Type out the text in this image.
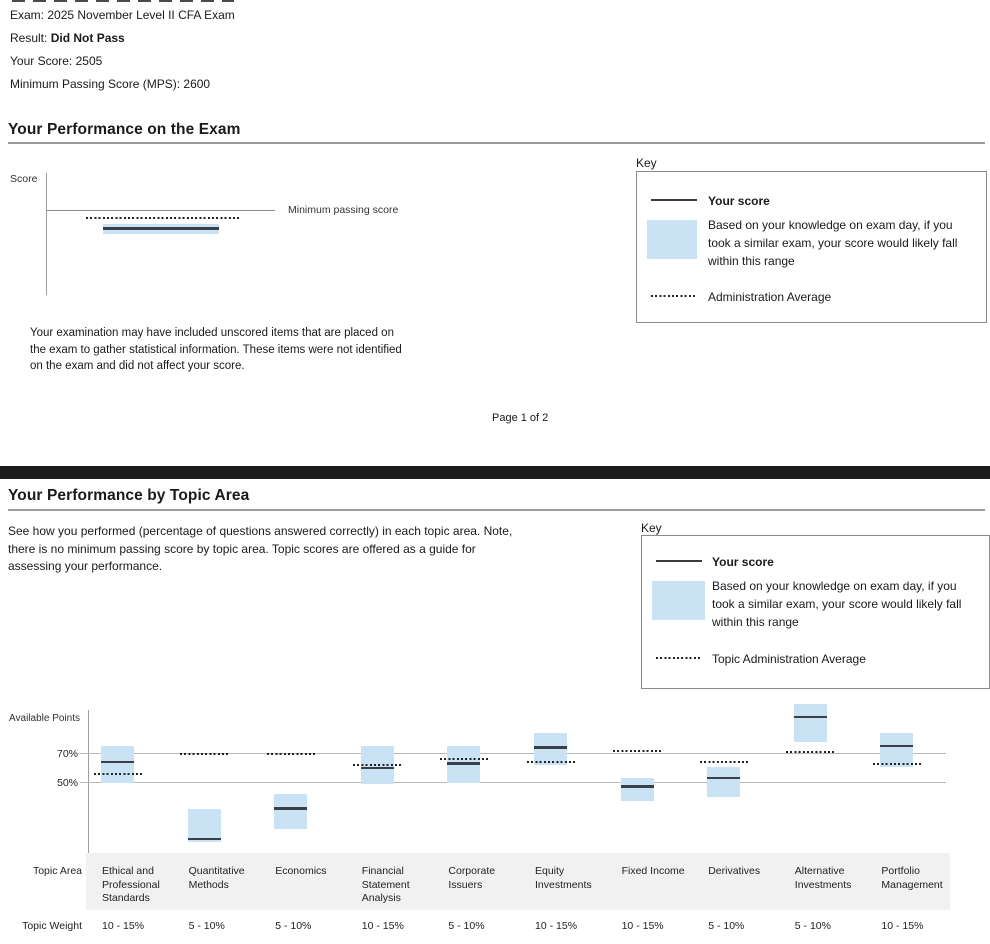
Exam: 2025 November Level II CFA Exam
Result: Did Not Pass
Your Score: 2505
Minimum Passing Score (MPS): 2600
Your Performance on the Exam
Score
Minimum passing score
Key
Your score
Based on your knowledge on exam day, if you took a similar exam, your score would likely fall within this range
Administration Average
Your examination may have included unscored items that are placed on the exam to gather statistical information. These items were not identified on the exam and did not affect your score.
Page 1 of 2
Your Performance by Topic Area
See how you performed (percentage of questions answered correctly) in each topic area. Note, there is no minimum passing score by topic area. Topic scores are offered as a guide for assessing your performance.
Key
Your score
Based on your knowledge on exam day, if you took a similar exam, your score would likely fall within this range
Topic Administration Average
Available Points
70%
50%
Topic Area
Topic Weight
Ethical and Professional Standards
10 - 15%
Quantitative Methods
5 - 10%
Economics
5 - 10%
Financial Statement Analysis
10 - 15%
Corporate Issuers
5 - 10%
Equity Investments
10 - 15%
Fixed Income
10 - 15%
Derivatives
5 - 10%
Alternative Investments
5 - 10%
Portfolio Management
10 - 15%
